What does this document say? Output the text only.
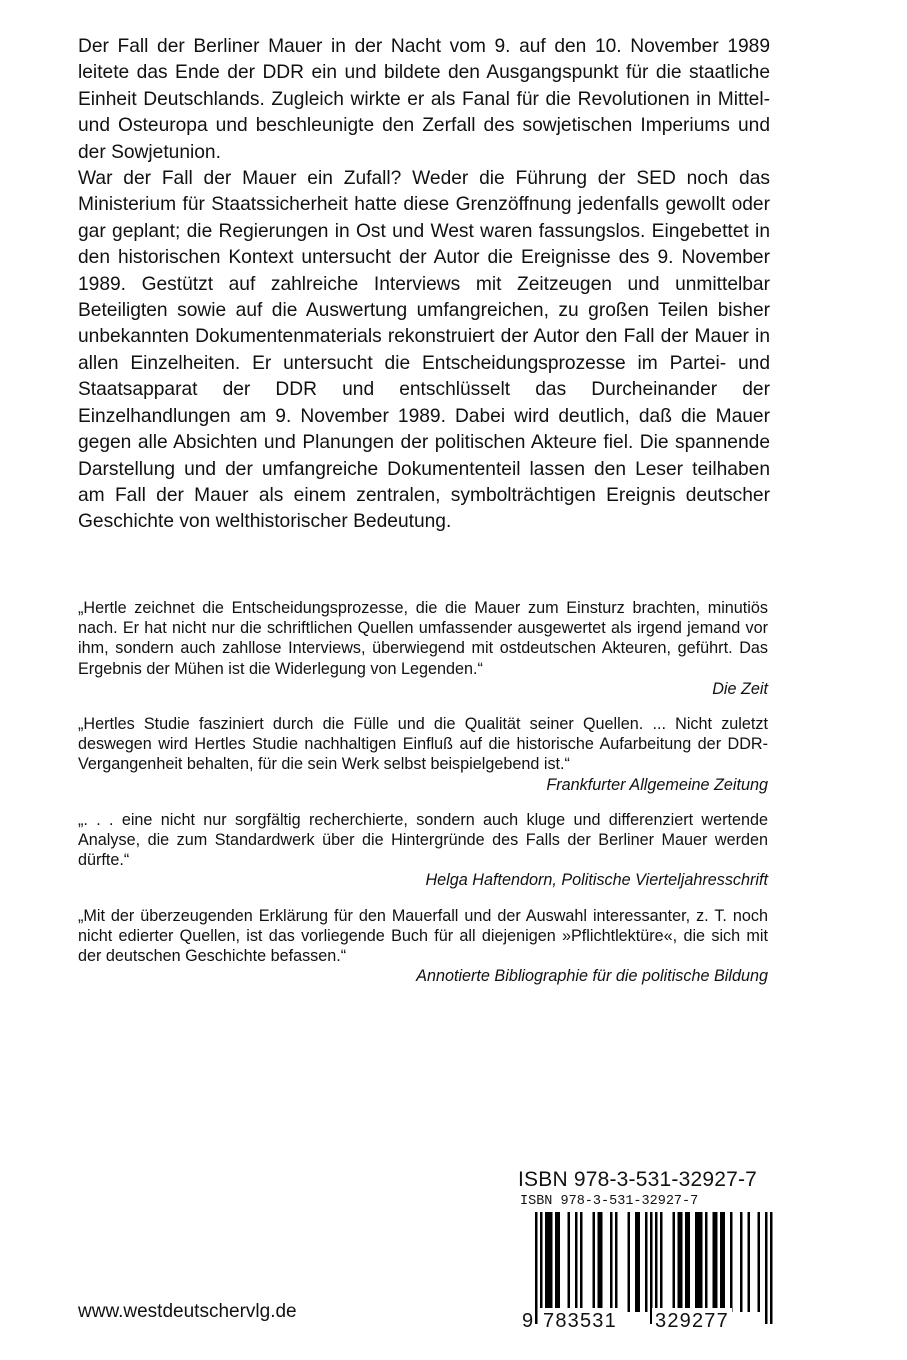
Der Fall der Berliner Mauer in der Nacht vom 9. auf den 10. November 1989 leitete das Ende der DDR ein und bildete den Ausgangspunkt für die staatliche Einheit Deutschlands. Zugleich wirkte er als Fanal für die Revolutionen in Mittel- und Osteuropa und beschleunigte den Zerfall des sowjetischen Imperiums und der Sowjetunion.

War der Fall der Mauer ein Zufall? Weder die Führung der SED noch das Ministerium für Staatssicherheit hatte diese Grenzöffnung jedenfalls gewollt oder gar geplant; die Regierungen in Ost und West waren fassungslos. Eingebettet in den historischen Kontext untersucht der Autor die Ereignisse des 9. November 1989. Gestützt auf zahlreiche Interviews mit Zeitzeugen und unmittelbar Beteiligten sowie auf die Auswertung umfangreichen, zu großen Teilen bisher unbekannten Dokumentenmaterials rekonstruiert der Autor den Fall der Mauer in allen Einzelheiten. Er untersucht die Entscheidungsprozesse im Partei- und Staatsapparat der DDR und entschlüsselt das Durcheinander der Einzelhandlungen am 9. November 1989. Dabei wird deutlich, daß die Mauer gegen alle Absichten und Planungen der politischen Akteure fiel. Die spannende Darstellung und der umfangreiche Dokumententeil lassen den Leser teilhaben am Fall der Mauer als einem zentralen, symbolträchtigen Ereignis deutscher Geschichte von welthistorischer Bedeutung.

„Hertle zeichnet die Entscheidungsprozesse, die die Mauer zum Einsturz brachten, minutiös nach. Er hat nicht nur die schriftlichen Quellen umfassender ausgewertet als irgend jemand vor ihm, sondern auch zahllose Interviews, überwiegend mit ostdeutschen Akteuren, geführt. Das Ergebnis der Mühen ist die Widerlegung von Legenden.“
Die Zeit
„Hertles Studie fasziniert durch die Fülle und die Qualität seiner Quellen. ... Nicht zuletzt deswegen wird Hertles Studie nachhaltigen Einfluß auf die historische Aufarbeitung der DDR-Vergangenheit behalten, für die sein Werk selbst beispielgebend ist.“
Frankfurter Allgemeine Zeitung
„. . . eine nicht nur sorgfältig recherchierte, sondern auch kluge und differenziert wertende Analyse, die zum Standardwerk über die Hintergründe des Falls der Berliner Mauer werden dürfte.“
Helga Haftendorn, Politische Vierteljahresschrift
„Mit der überzeugenden Erklärung für den Mauerfall und der Auswahl interessanter, z. T. noch nicht edierter Quellen, ist das vorliegende Buch für all diejenigen »Pflichtlektüre«, die sich mit der deutschen Geschichte befassen.“
Annotierte Bibliographie für die politische Bildung
ISBN 978-3-531-32927-7
ISBN 978-3-531-32927-7
9 783531 329277
www.westdeutschervlg.de
